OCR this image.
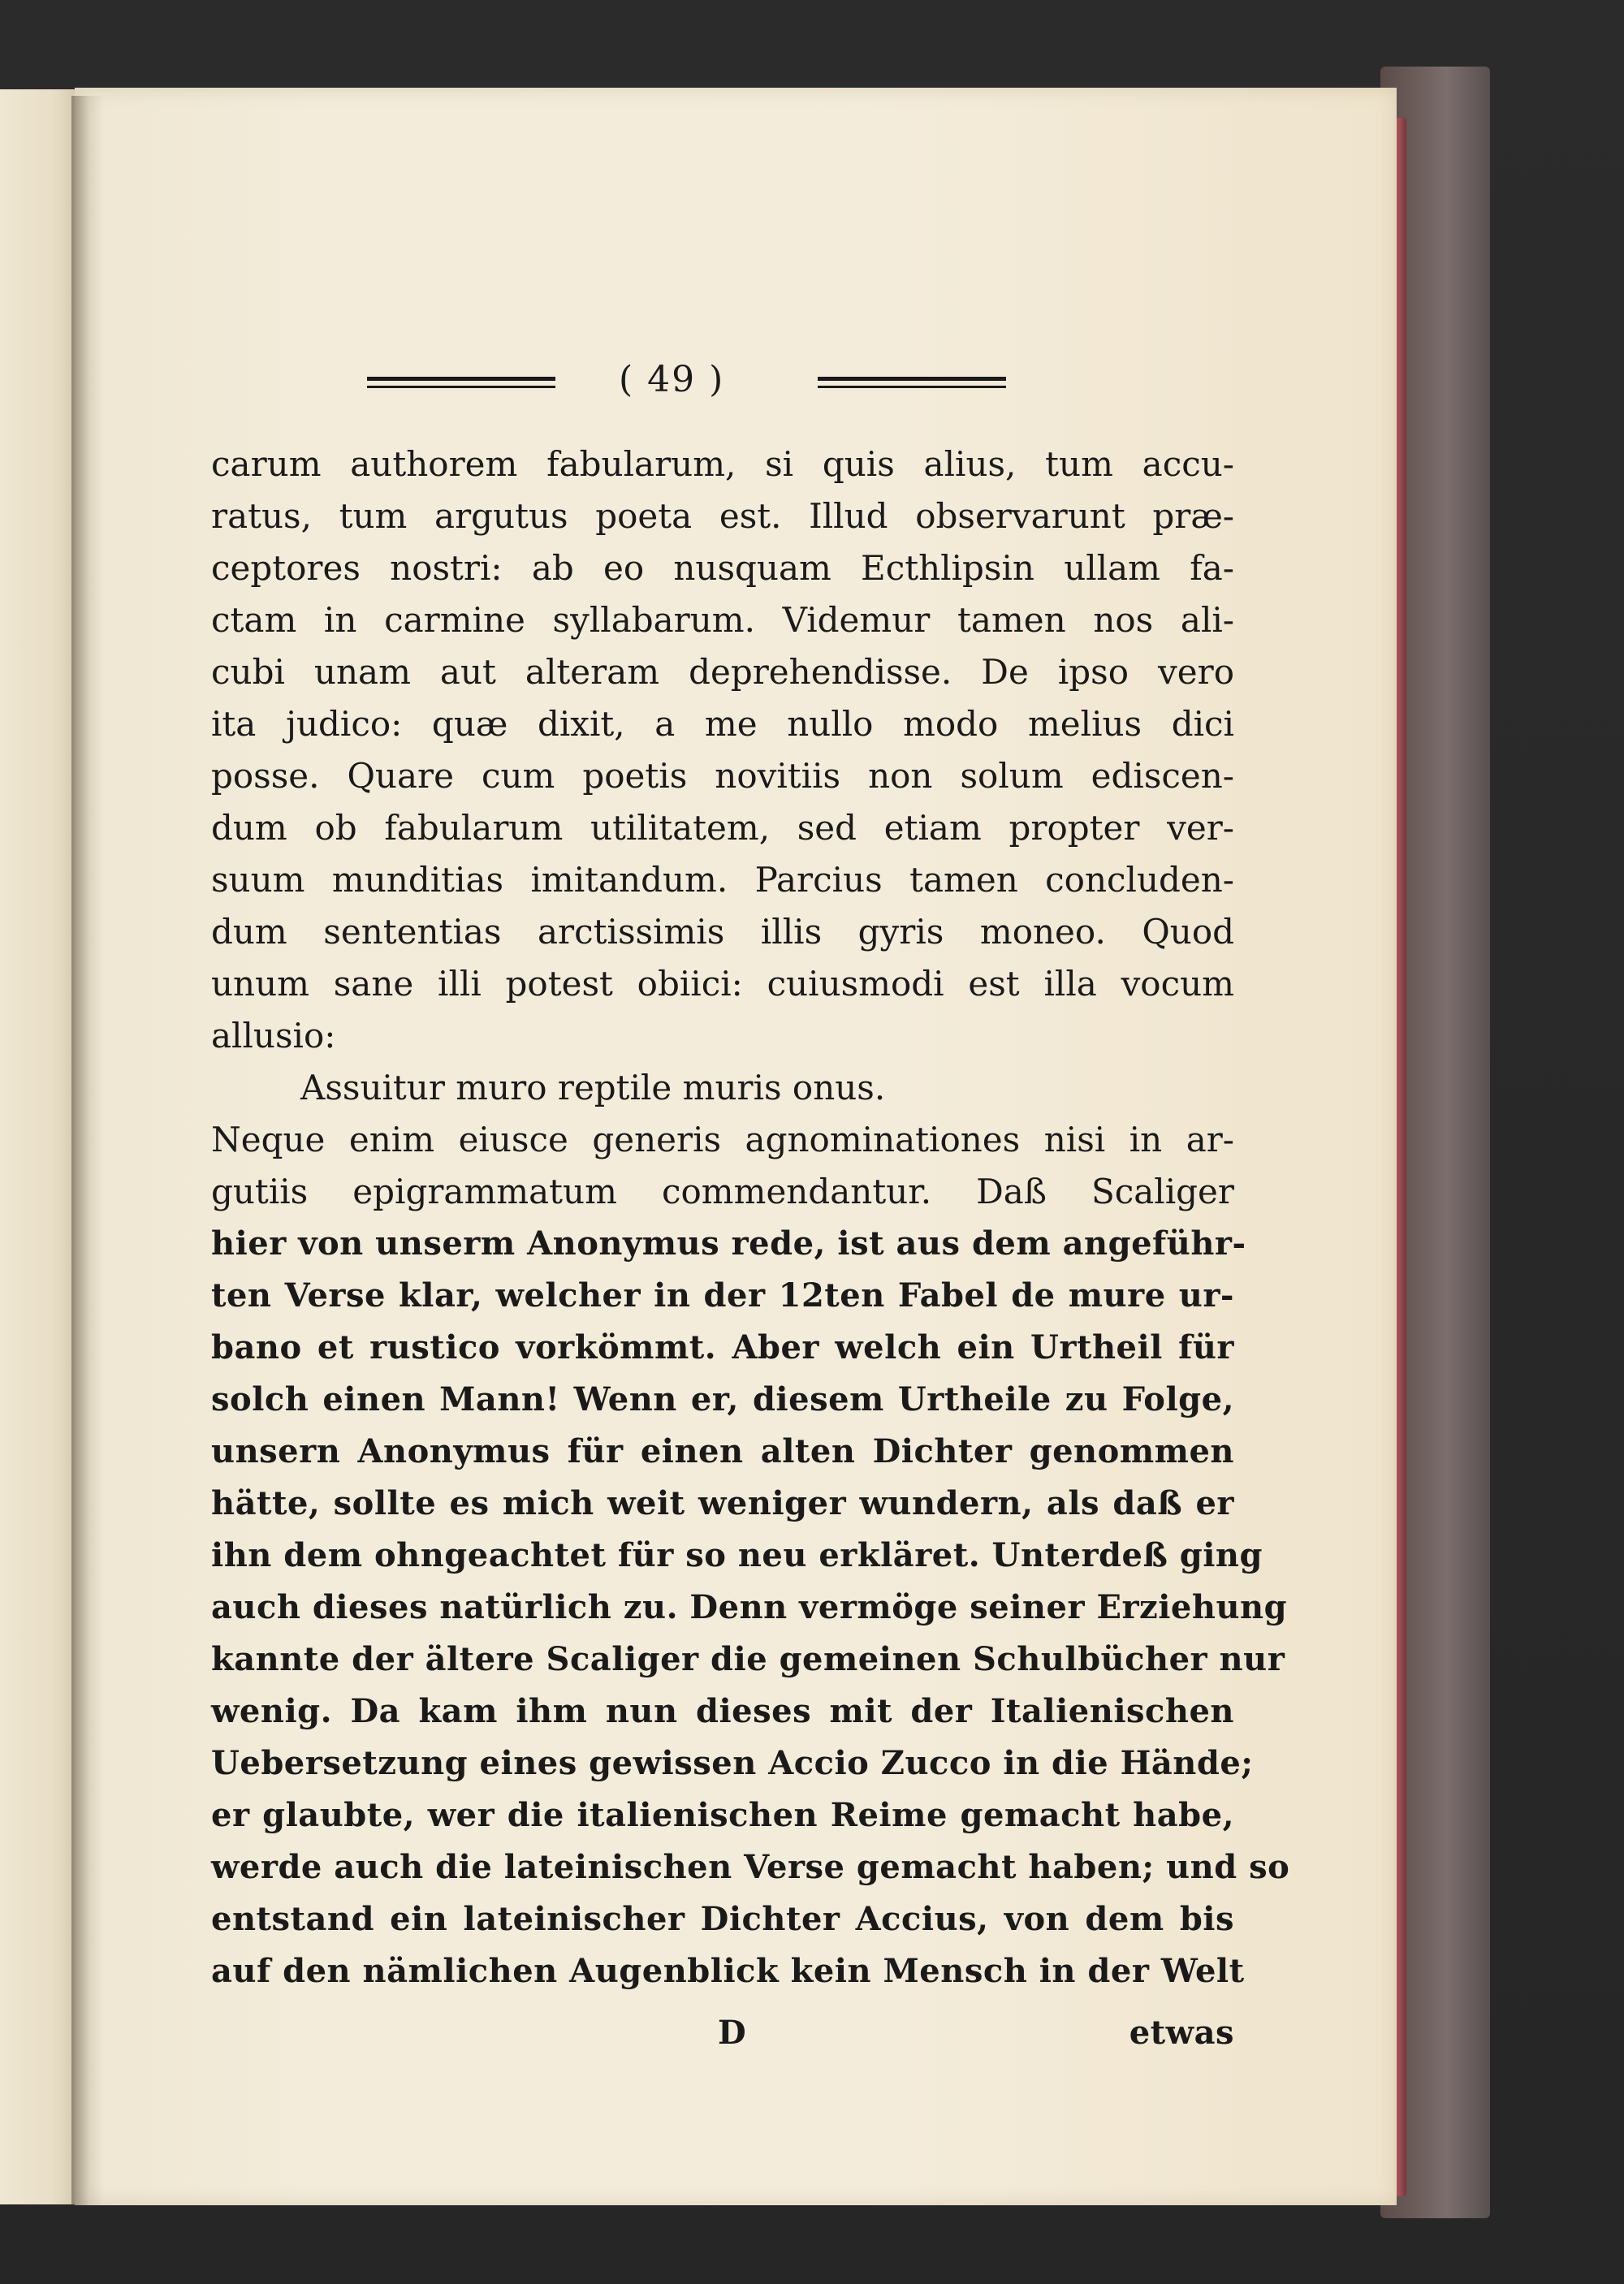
( 49 )
carum authorem fabularum, si quis alius, tum accu-
ratus, tum argutus poeta est. Illud observarunt præ-
ceptores nostri: ab eo nusquam Ecthlipsin ullam fa-
ctam in carmine syllabarum. Videmur tamen nos ali-
cubi unam aut alteram deprehendisse. De ipso vero
ita judico: quæ dixit, a me nullo modo melius dici
posse. Quare cum poetis novitiis non solum ediscen-
dum ob fabularum utilitatem, sed etiam propter ver-
suum munditias imitandum. Parcius tamen concluden-
dum sententias arctissimis illis gyris moneo. Quod
unum sane illi potest obiici: cuiusmodi est illa vocum
allusio:
Assuitur muro reptile muris onus.
Neque enim eiusce generis agnominationes nisi in ar-
gutiis epigrammatum commendantur. Daß Scaliger
hier von unserm Anonymus rede, ist aus dem angeführ-
ten Verse klar, welcher in der 12ten Fabel de mure ur-
bano et rustico vorkömmt. Aber welch ein Urtheil für
solch einen Mann! Wenn er, diesem Urtheile zu Folge,
unsern Anonymus für einen alten Dichter genommen
hätte, sollte es mich weit weniger wundern, als daß er
ihn dem ohngeachtet für so neu erkläret. Unterdeß ging
auch dieses natürlich zu. Denn vermöge seiner Erziehung
kannte der ältere Scaliger die gemeinen Schulbücher nur
wenig. Da kam ihm nun dieses mit der Italienischen
Uebersetzung eines gewissen Accio Zucco in die Hände;
er glaubte, wer die italienischen Reime gemacht habe,
werde auch die lateinischen Verse gemacht haben; und so
entstand ein lateinischer Dichter Accius, von dem bis
auf den nämlichen Augenblick kein Mensch in der Welt
D	etwas
